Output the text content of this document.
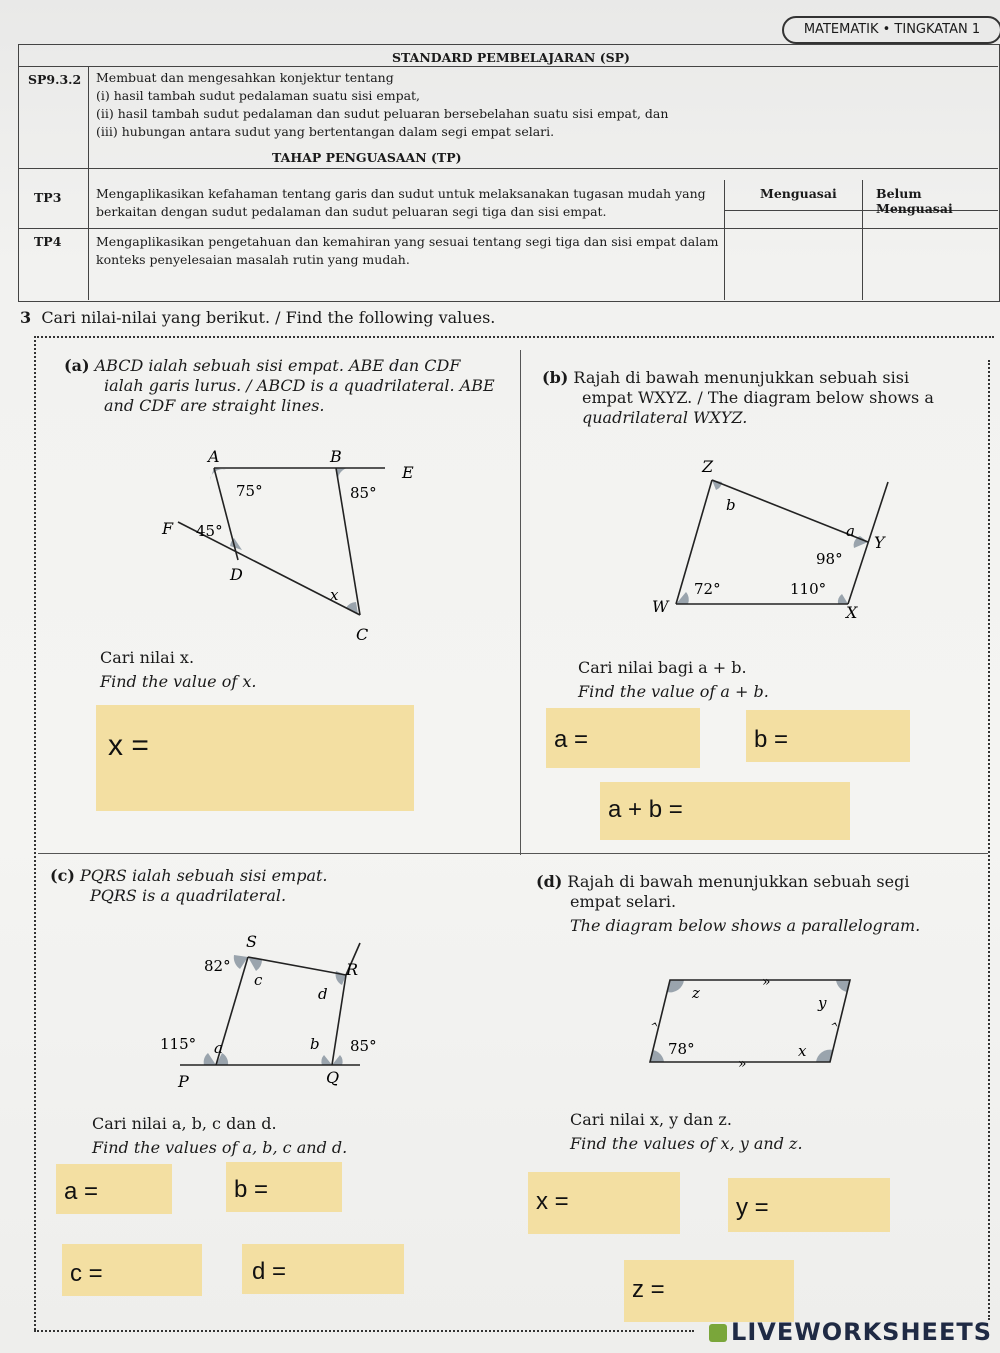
MATEMATIK • TINGKATAN 1
STANDARD PEMBELAJARAN (SP)
SP9.3.2 Membuat dan mengesahkan konjektur tentang
(i) hasil tambah sudut pedalaman suatu sisi empat,
(ii) hasil tambah sudut pedalaman dan sudut peluaran bersebelahan suatu sisi empat, dan
(iii) hubungan antara sudut yang bertentangan dalam segi empat selari.
TAHAP PENGUASAAN (TP)
Menguasai	Belum Menguasai
TP3	Mengaplikasikan kefahaman tentang garis dan sudut untuk melaksanakan tugasan mudah yang
berkaitan dengan sudut pedalaman dan sudut peluaran segi tiga dan sisi empat.
TP4	Mengaplikasikan pengetahuan dan kemahiran yang sesuai tentang segi tiga dan sisi empat dalam
konteks penyelesaian masalah rutin yang mudah.
3 Cari nilai-nilai yang berikut. / Find the following values.
(a) ABCD ialah sebuah sisi empat. ABE dan CDF
ialah garis lurus. / ABCD is a quadrilateral. ABE
and CDF are straight lines.
A	B
E
F
D
C
75°	85°
45°
x
Cari nilai x.
Find the value of x.
x =
(b) Rajah di bawah menunjukkan sebuah sisi
empat WXYZ. / The diagram below shows a
quadrilateral WXYZ.
Z
b
a
Y
98°
72°	110°
W	X
Cari nilai bagi a + b.
Find the value of a + b.
a =	b =
a + b =
(c) PQRS ialah sebuah sisi empat.
PQRS is a quadrilateral.
S
R
82°
c
d
115° a	b 85°
P	Q
Cari nilai a, b, c dan d.
Find the values of a, b, c and d.
a =	b =
c =	d =
(d) Rajah di bawah menunjukkan sebuah segi
empat selari.
The diagram below shows a parallelogram.
»
»
›	›
z
y
78°	x
Cari nilai x, y dan z.
Find the values of x, y and z.
x =	y =
z =
LIVEWORKSHEETS
